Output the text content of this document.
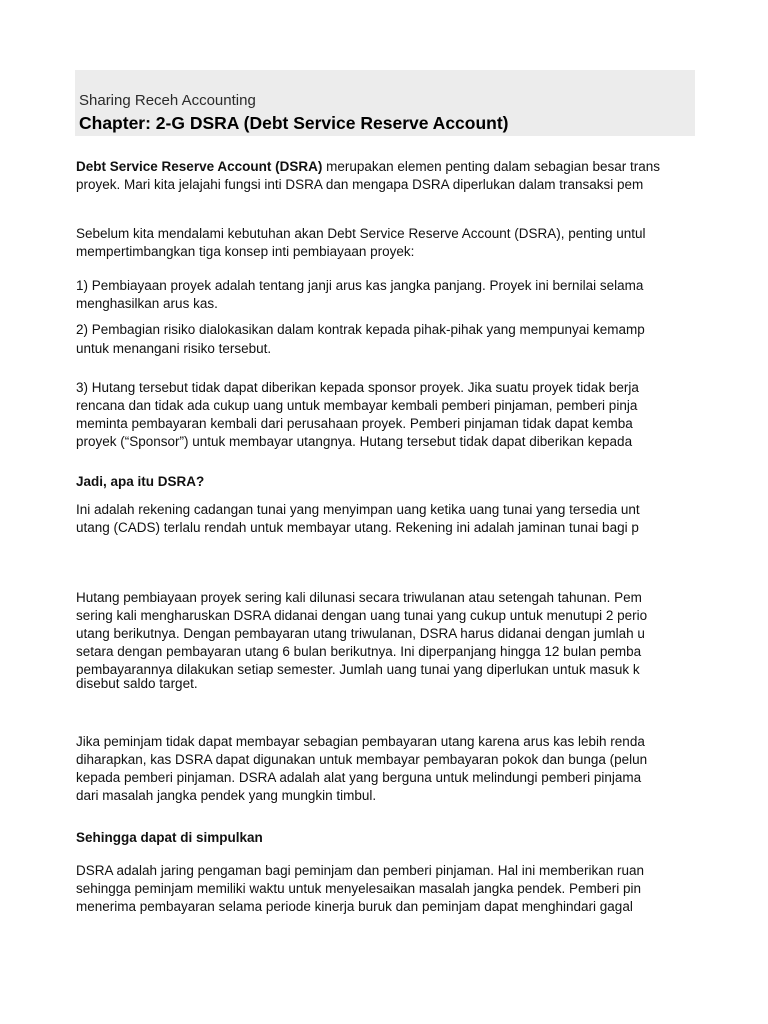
Sharing Receh Accounting
Chapter: 2-G DSRA (Debt Service Reserve Account)
Debt Service Reserve Account (DSRA) merupakan elemen penting dalam sebagian besar trans
proyek. Mari kita jelajahi fungsi inti DSRA dan mengapa DSRA diperlukan dalam transaksi pem
Sebelum kita mendalami kebutuhan akan Debt Service Reserve Account (DSRA), penting untul
mempertimbangkan tiga konsep inti pembiayaan proyek:
1) Pembiayaan proyek adalah tentang janji arus kas jangka panjang. Proyek ini bernilai selama
menghasilkan arus kas.
2) Pembagian risiko dialokasikan dalam kontrak kepada pihak-pihak yang mempunyai kemamp
untuk menangani risiko tersebut.
3) Hutang tersebut tidak dapat diberikan kepada sponsor proyek. Jika suatu proyek tidak berja
rencana dan tidak ada cukup uang untuk membayar kembali pemberi pinjaman, pemberi pinja
meminta pembayaran kembali dari perusahaan proyek. Pemberi pinjaman tidak dapat kemba
proyek (“Sponsor”) untuk membayar utangnya. Hutang tersebut tidak dapat diberikan kepada
Jadi, apa itu DSRA?
Ini adalah rekening cadangan tunai yang menyimpan uang ketika uang tunai yang tersedia unt
utang (CADS) terlalu rendah untuk membayar utang. Rekening ini adalah jaminan tunai bagi p
Hutang pembiayaan proyek sering kali dilunasi secara triwulanan atau setengah tahunan. Pem
sering kali mengharuskan DSRA didanai dengan uang tunai yang cukup untuk menutupi 2 perio
utang berikutnya. Dengan pembayaran utang triwulanan, DSRA harus didanai dengan jumlah u
setara dengan pembayaran utang 6 bulan berikutnya. Ini diperpanjang hingga 12 bulan pemba
pembayarannya dilakukan setiap semester. Jumlah uang tunai yang diperlukan untuk masuk k
disebut saldo target.
Jika peminjam tidak dapat membayar sebagian pembayaran utang karena arus kas lebih renda
diharapkan, kas DSRA dapat digunakan untuk membayar pembayaran pokok dan bunga (pelun
kepada pemberi pinjaman. DSRA adalah alat yang berguna untuk melindungi pemberi pinjama
dari masalah jangka pendek yang mungkin timbul.
Sehingga dapat di simpulkan
DSRA adalah jaring pengaman bagi peminjam dan pemberi pinjaman. Hal ini memberikan ruan
sehingga peminjam memiliki waktu untuk menyelesaikan masalah jangka pendek. Pemberi pin
menerima pembayaran selama periode kinerja buruk dan peminjam dapat menghindari gagal
